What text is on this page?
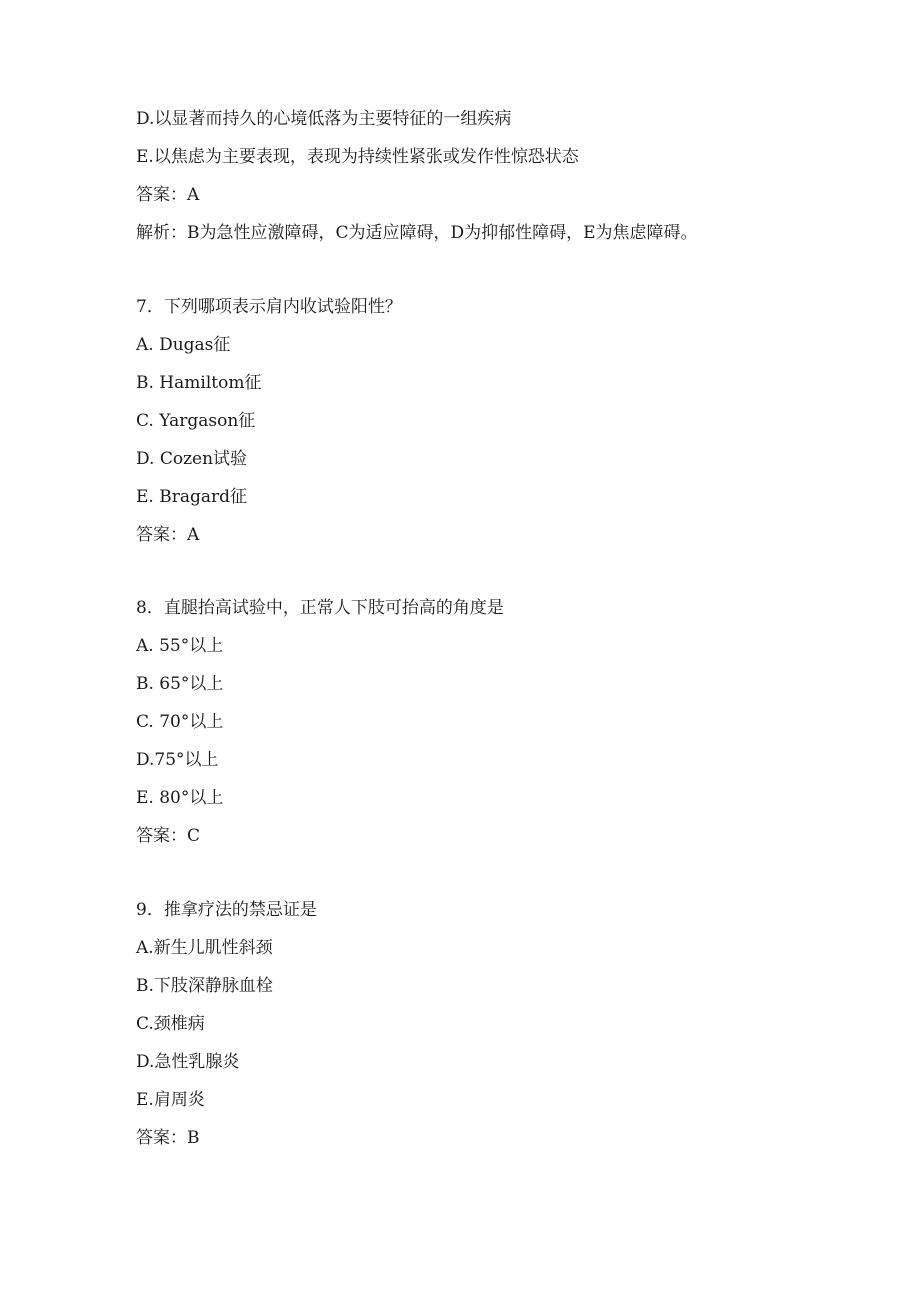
D.以显著而持久的心境低落为主要特征的一组疾病

E.以焦虑为主要表现，表现为持续性紧张或发作性惊恐状态

答案：A

解析：B为急性应激障碍，C为适应障碍，D为抑郁性障碍，E为焦虑障碍。

7．下列哪项表示肩内收试验阳性？

A. Dugas征

B. Hamiltom征

C. Yargason征

D. Cozen试验

E. Bragard征

答案：A

8．直腿抬高试验中，正常人下肢可抬高的角度是

A. 55°以上

B. 65°以上

C. 70°以上

D.75°以上

E. 80°以上

答案：C

9．推拿疗法的禁忌证是

A.新生儿肌性斜颈

B.下肢深静脉血栓

C.颈椎病

D.急性乳腺炎

E.肩周炎

答案：B
